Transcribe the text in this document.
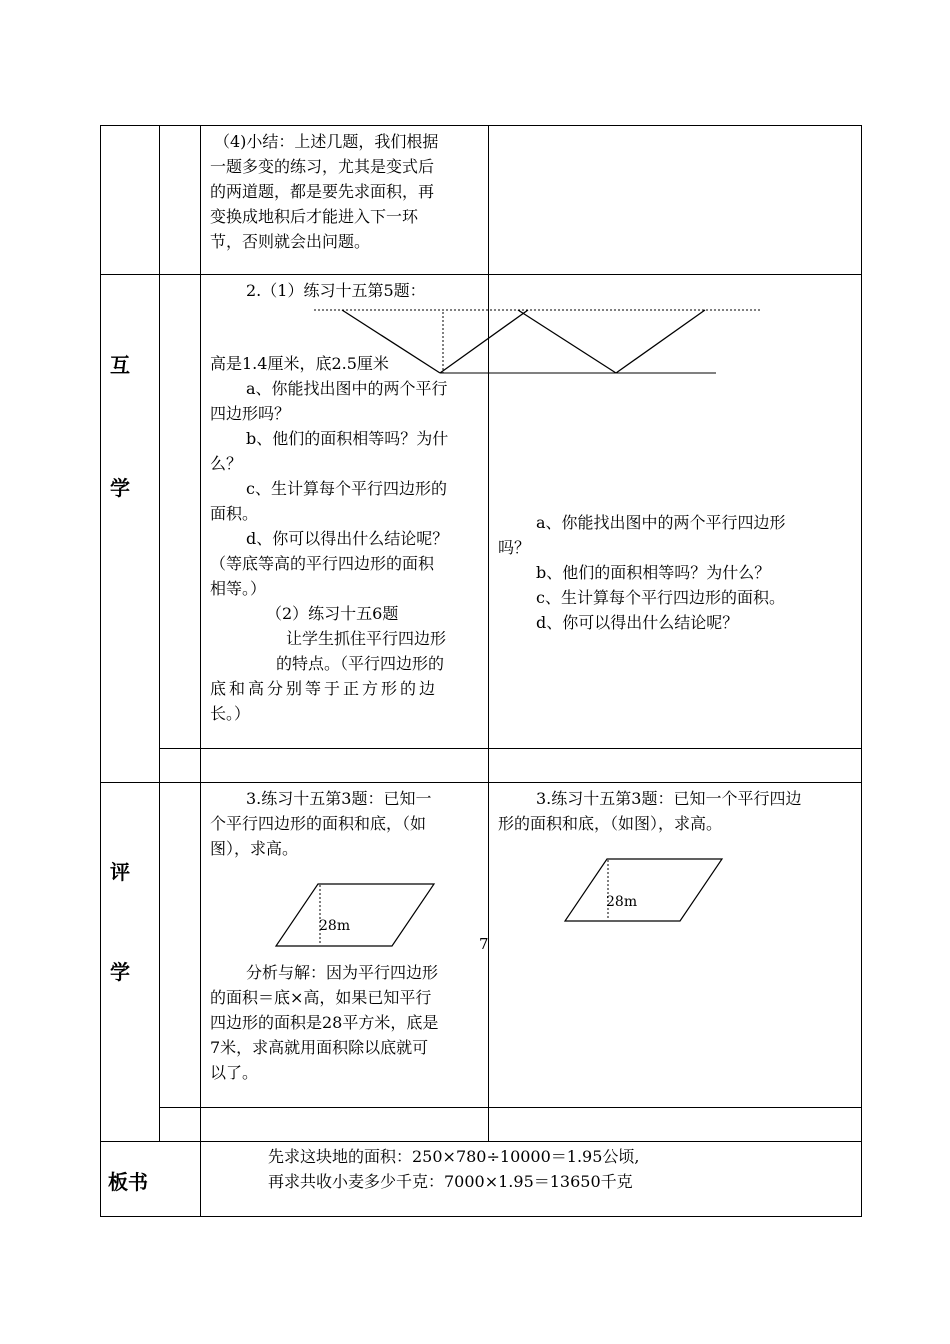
互
学
评
学
板书
（4)小结：上述几题，我们根据
一题多变的练习，尤其是变式后
的两道题，都是要先求面积，再
变换成地积后才能进入下一环
节，否则就会出问题。
2.（1）练习十五第5题：
高是1.4厘米，底2.5厘米
a、你能找出图中的两个平行
四边形吗？
b、他们的面积相等吗？为什
么？
c、生计算每个平行四边形的
面积。
d、你可以得出什么结论呢？
（等底等高的平行四边形的面积
相等。）
（2）练习十五6题
让学生抓住平行四边形
的特点。（平行四边形的
底和高分别等于正方形的边
长。）
a、你能找出图中的两个平行四边形
吗？
b、他们的面积相等吗？为什么？
c、生计算每个平行四边形的面积。
d、你可以得出什么结论呢？
3.练习十五第3题：已知一
个平行四边形的面积和底，（如
图），求高。
28m
7
分析与解：因为平行四边形
的面积＝底×高，如果已知平行
四边形的面积是28平方米，底是
7米，求高就用面积除以底就可
以了。
3.练习十五第3题：已知一个平行四边
形的面积和底，（如图），求高。
28m
先求这块地的面积：250×780÷10000＝1.95公顷,
再求共收小麦多少千克：7000×1.95＝13650千克
